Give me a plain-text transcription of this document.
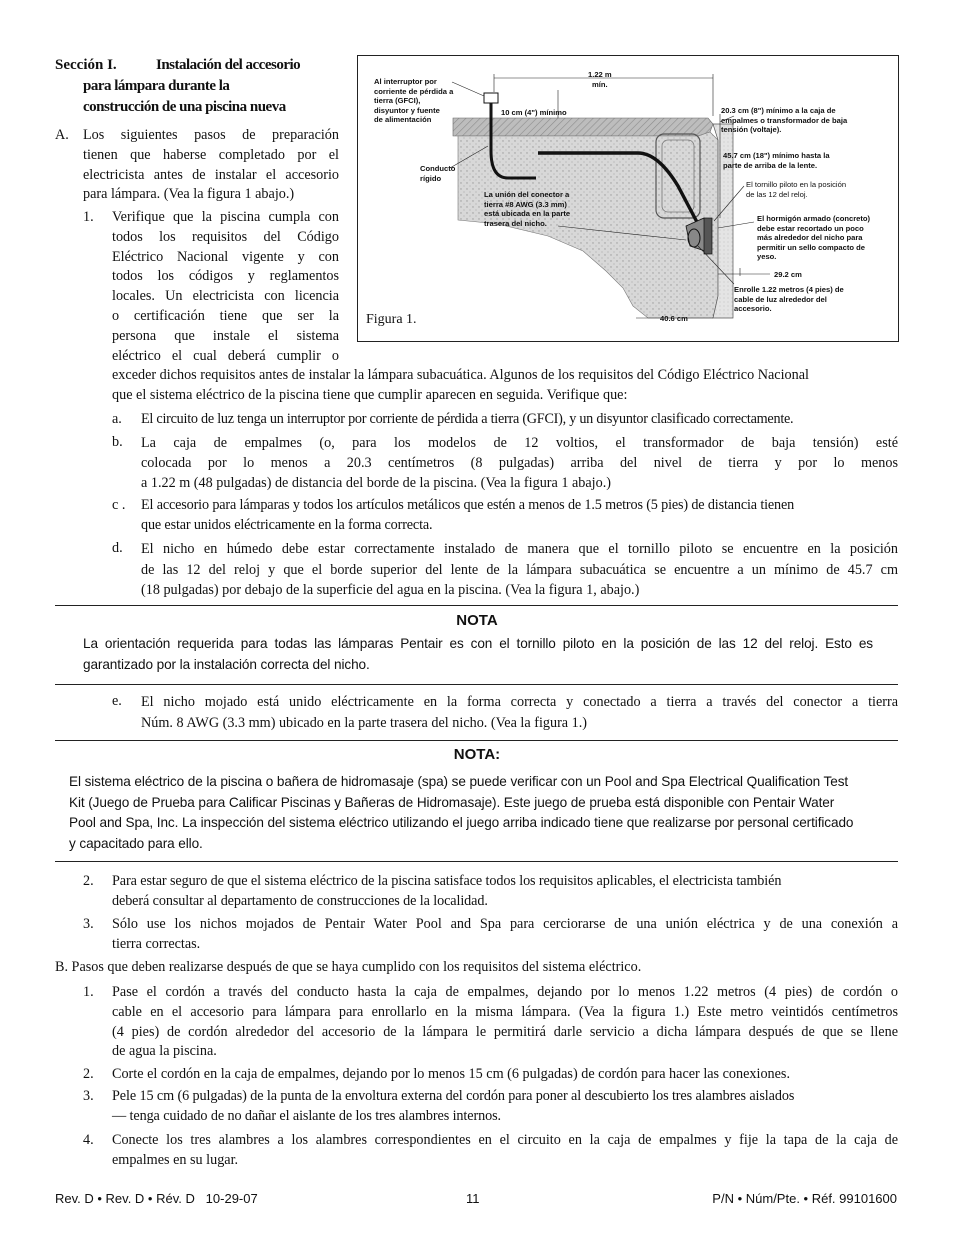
Sección I.	Instalación del accesorio
para lámpara durante la
construcción de una piscina nueva
A. Los siguientes pasos de preparación
tienen que haberse completado por el
electricista antes de instalar el accesorio
para lámpara. (Vea la figura 1 abajo.)
1. Verifique que la piscina cumpla con
todos los requisitos del Código
Eléctrico Nacional vigente y con
todos los códigos y reglamentos
locales. Un electricista con licencia
o certificación tiene que ser la
persona que instale el sistema
eléctrico el cual deberá cumplir o
Al interruptor por
corriente de pérdida a
tierra (GFCI),
disyuntor y fuente
de alimentación
1.22 m
mín.
10 cm (4") mínimo
Conducto
rígido
La unión del conector a
tierra #8 AWG (3.3 mm)
está ubicada en la parte
trasera del nicho.
20.3 cm (8") mínimo a la caja de
empalmes o transformador de baja
tensión (voltaje).
45.7 cm (18") mínimo hasta la
parte de arriba de la lente.
El tornillo piloto en la posición
de las 12 del reloj.
El hormigón armado (concreto)
debe estar recortado un poco
más alrededor del nicho para
permitir un sello compacto de
yeso.
29.2 cm
Enrolle 1.22 metros (4 pies) de
cable de luz alrededor del
accesorio.
40.6 cm
Figura 1.
exceder dichos requisitos antes de instalar la lámpara subacuática. Algunos de los requisitos del Código Eléctrico Nacional
que el sistema eléctrico de la piscina tiene que cumplir aparecen en seguida. Verifique que:
a. El circuito de luz tenga un interruptor por corriente de pérdida a tierra (GFCI), y un disyuntor clasificado correctamente.
b. La caja de empalmes (o, para los modelos de 12 voltios, el transformador de baja tensión) esté
colocada por lo menos a 20.3 centímetros (8 pulgadas) arriba del nivel de tierra y por lo menos
a 1.22 m (48 pulgadas) de distancia del borde de la piscina. (Vea la figura 1 abajo.)
c . El accesorio para lámparas y todos los artículos metálicos que estén a menos de 1.5 metros (5 pies) de distancia tienen
que estar unidos eléctricamente en la forma correcta.
d. El nicho en húmedo debe estar correctamente instalado de manera que el tornillo piloto se encuentre en la posición
de las 12 del reloj y que el borde superior del lente de la lámpara subacuática se encuentre a un mínimo de 45.7 cm
(18 pulgadas) por debajo de la superficie del agua en la piscina. (Vea la figura 1, abajo.)
NOTA
La orientación requerida para todas las lámparas Pentair es con el tornillo piloto en la posición de las 12 del reloj. Esto es
garantizado por la instalación correcta del nicho.
e. El nicho mojado está unido eléctricamente en la forma correcta y conectado a tierra a través del conector a tierra
Núm. 8 AWG (3.3 mm) ubicado en la parte trasera del nicho. (Vea la figura 1.)
NOTA:
El sistema eléctrico de la piscina o bañera de hidromasaje (spa) se puede verificar con un Pool and Spa Electrical Qualification Test
Kit (Juego de Prueba para Calificar Piscinas y Bañeras de Hidromasaje). Este juego de prueba está disponible con Pentair Water
Pool and Spa, Inc. La inspección del sistema eléctrico utilizando el juego arriba indicado tiene que realizarse por personal certificado
y capacitado para ello.
2. Para estar seguro de que el sistema eléctrico de la piscina satisface todos los requisitos aplicables, el electricista también
deberá consultar al departamento de construcciones de la localidad.
3. Sólo use los nichos mojados de Pentair Water Pool and Spa para cerciorarse de una unión eléctrica y de una conexión a
tierra correctas.
B. Pasos que deben realizarse después de que se haya cumplido con los requisitos del sistema eléctrico.
1. Pase el cordón a través del conducto hasta la caja de empalmes, dejando por lo menos 1.22 metros (4 pies) de cordón o
cable en el accesorio para lámpara para enrollarlo en la misma lámpara. (Vea la figura 1.) Este metro veintidós centímetros
(4 pies) de cordón alrededor del accesorio de la lámpara le permitirá darle servicio a dicha lámpara después de que se llene
de agua la piscina.
2. Corte el cordón en la caja de empalmes, dejando por lo menos 15 cm (6 pulgadas) de cordón para hacer las conexiones.
3. Pele 15 cm (6 pulgadas) de la punta de la envoltura externa del cordón para poner al descubierto los tres alambres aislados
— tenga cuidado de no dañar el aislante de los tres alambres internos.
4. Conecte los tres alambres a los alambres correspondientes en el circuito en la caja de empalmes y fije la tapa de la caja de
empalmes en su lugar.
Rev. D • Rev. D • Rév. D   10-29-07	11	P/N • Núm/Pte. • Réf. 99101600
